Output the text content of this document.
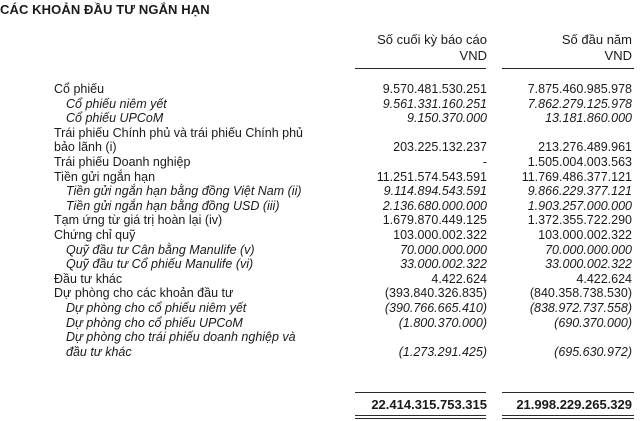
CÁC KHOẢN ĐẦU TƯ NGẮN HẠN
Số cuối kỳ báo cáo
VND
Số đầu năm
VND
Cổ phiếu	9.570.481.530.251	7.875.460.985.978
Cổ phiếu niêm yết	9.561.331.160.251	7.862.279.125.978
Cổ phiếu UPCoM	9.150.370.000	13.181.860.000
Trái phiếu Chính phủ và trái phiếu Chính phủ
bảo lãnh (i)	203.225.132.237	213.276.489.961
Trái phiếu Doanh nghiệp	-	1.505.004.003.563
Tiền gửi ngắn hạn	11.251.574.543.591	11.769.486.377.121
Tiền gửi ngắn hạn bằng đồng Việt Nam (ii)	9.114.894.543.591	9.866.229.377.121
Tiền gửi ngắn hạn bằng đồng USD (iii)	2.136.680.000.000	1.903.257.000.000
Tạm ứng từ giá trị hoàn lại (iv)	1.679.870.449.125	1.372.355.722.290
Chứng chỉ quỹ	103.000.002.322	103.000.002.322
Quỹ đầu tư Cân bằng Manulife (v)	70.000.000.000	70.000.000.000
Quỹ đầu tư Cổ phiếu Manulife (vi)	33.000.002.322	33.000.002.322
Đầu tư khác	4.422.624	4.422.624
Dự phòng cho các khoản đầu tư	(393.840.326.835)	(840.358.738.530)
Dự phòng cho cổ phiếu niêm yết	(390.766.665.410)	(838.972.737.558)
Dự phòng cho cổ phiếu UPCoM	(1.800.370.000)	(690.370.000)
Dự phòng cho trái phiếu doanh nghiệp và
đầu tư khác	(1.273.291.425)	(695.630.972)
22.414.315.753.315 21.998.229.265.329
